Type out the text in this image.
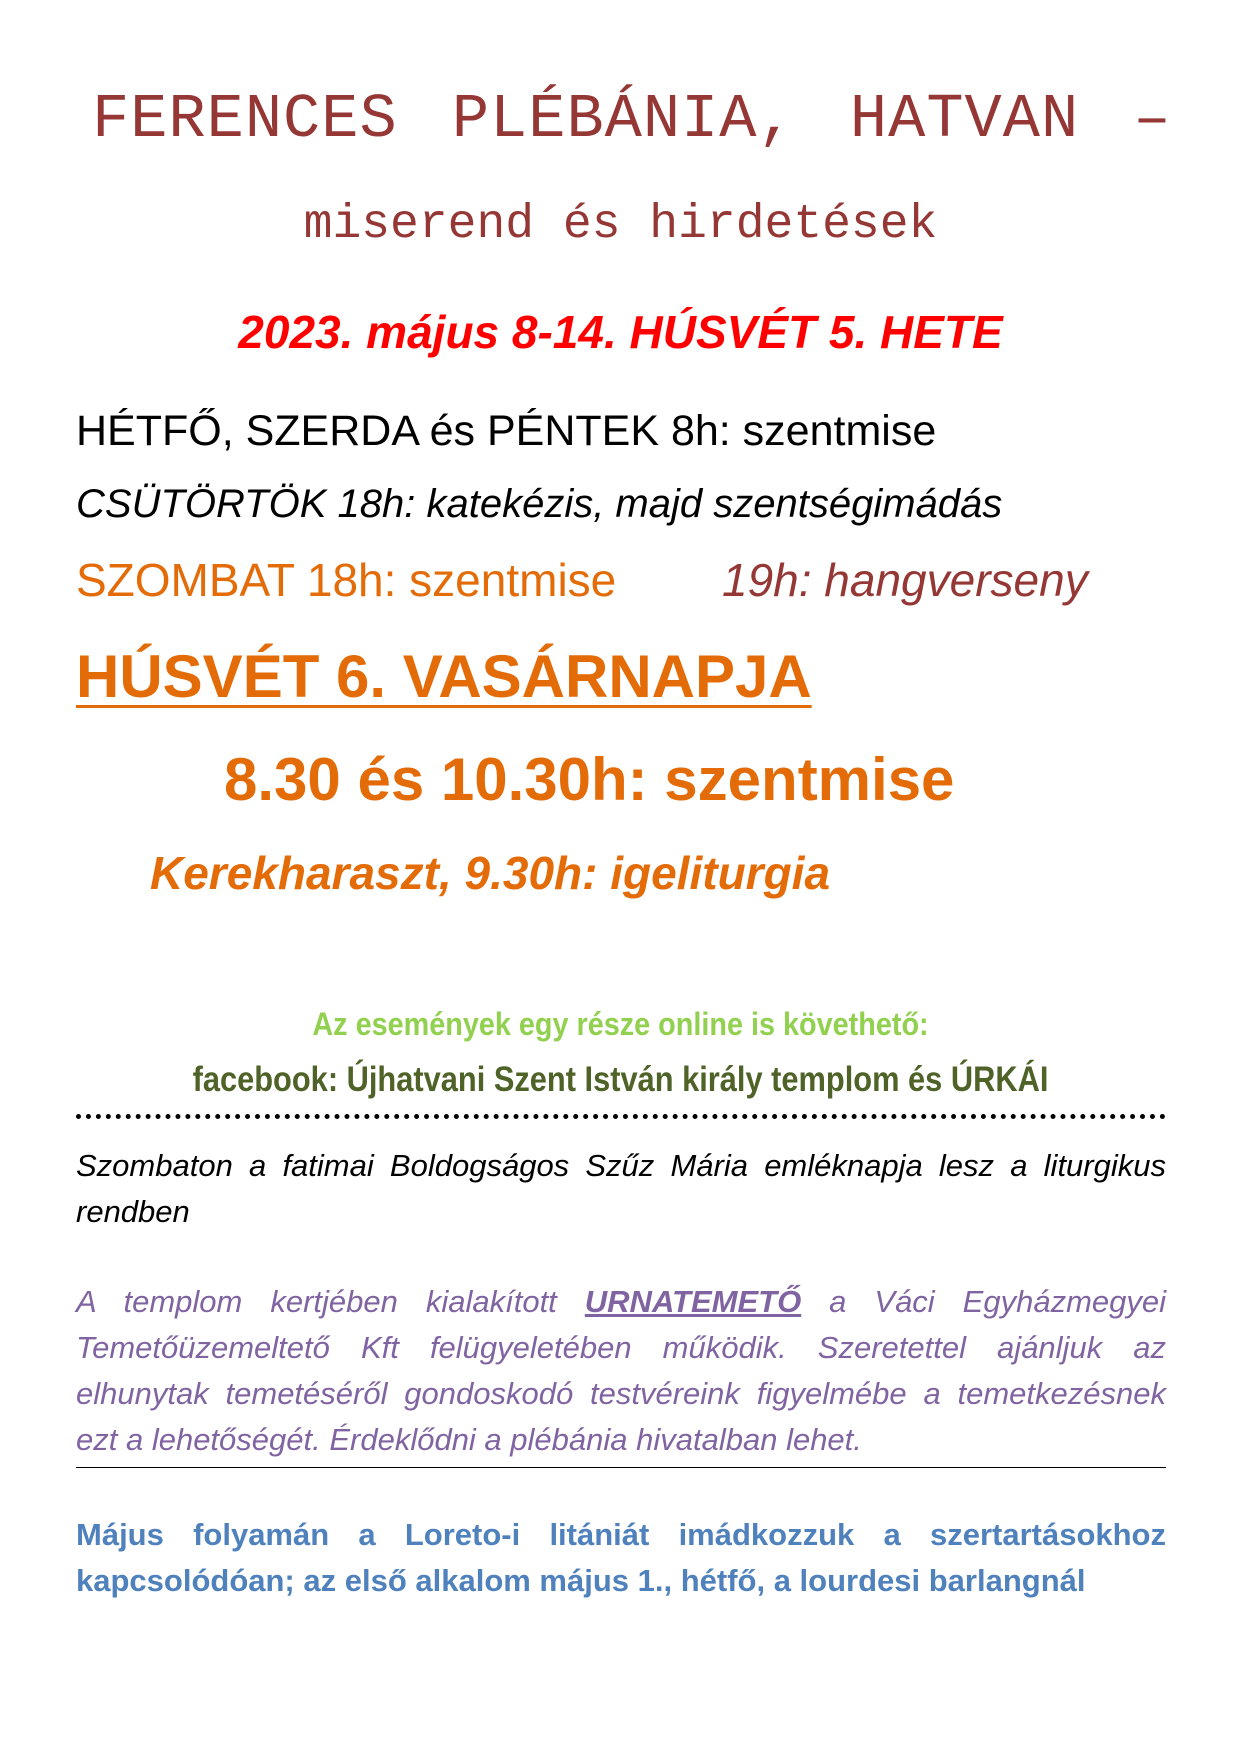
FERENCES PLÉBÁNIA, HATVAN –
miserend és hirdetések
2023. május 8-14. HÚSVÉT 5. HETE
HÉTFŐ, SZERDA és PÉNTEK 8h: szentmise
CSÜTÖRTÖK 18h: katekézis, majd szentségimádás
SZOMBAT 18h: szentmise 19h: hangverseny
HÚSVÉT 6. VASÁRNAPJA
8.30 és 10.30h: szentmise
Kerekharaszt, 9.30h: igeliturgia
Az események egy része online is követhető:
facebook: Újhatvani Szent István király templom és ÚRKÁI
Szombaton a fatimai Boldogságos Szűz Mária emléknapja lesz a liturgikus rendben
A templom kertjében kialakított URNATEMETŐ a Váci Egyházmegyei Temetőüzemeltető Kft felügyeletében működik. Szeretettel ajánljuk az elhunytak temetéséről gondoskodó testvéreink figyelmébe a temetkezésnek ezt a lehetőségét. Érdeklődni a plébánia hivatalban lehet.
Május folyamán a Loreto-i litániát imádkozzuk a szertartásokhoz kapcsolódóan; az első alkalom május 1., hétfő, a lourdesi barlangnál
